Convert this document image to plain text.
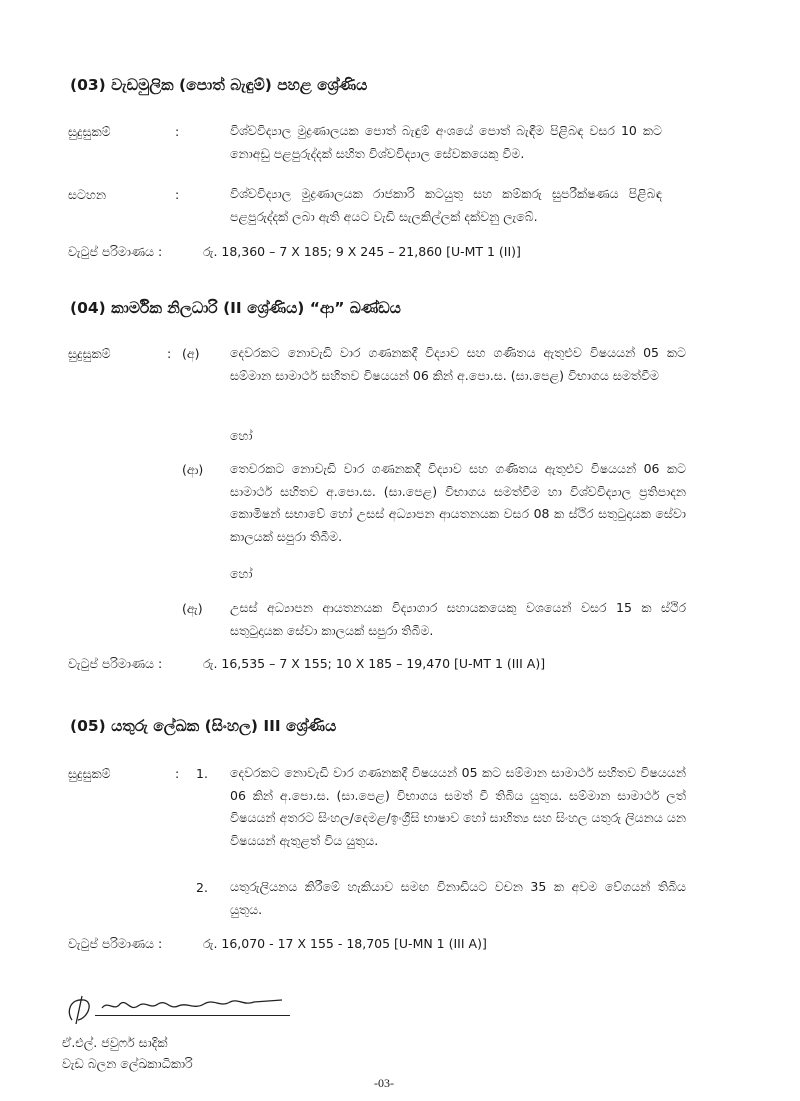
(03) වැඩමුලික (පොත් බැඳුම්) පහළ ශ්‍රේණිය
සුදුසුකම්	:	විශ්වවිද්‍යාල මුද්‍රණාලයක පොත් බැඳුම් අංශයේ පොත් බැඳීම පිළිබඳ වසර 10 කට නොඅඩු පළපුරුද්දක් සහිත විශ්වවිද්‍යාල සේවකයෙකු වීම.
සටහන	:	විශ්වවිද්‍යාල මුද්‍රණාලයක රාජකාරි කටයුතු සහ කම්කරු සුපරීක්ෂණය පිළිබඳ පළපුරුද්දක් ලබා ඇති අයට වැඩි සැලකිල්ලක් දක්වනු ලැබේ.
වැටුප් පරිමාණය :	රු. 18,360 – 7 X 185; 9 X 245 – 21,860 [U-MT 1 (II)]
(04) කාර්මික නිලධාරි (II ශ්‍රේණිය) “ආ” ඛණ්ඩය
සුදුසුකම්	: (අ) දෙවරකට නොවැඩි වාර ගණනකදී විද්‍යාව සහ ගණිතය ඇතුළුව විෂයයන් 05 කට සම්මාන සාමාර්ථ සහිතව විෂයයන් 06 කින් අ.පො.ස. (සා.පෙළ) විභාගය සමත්වීම
හෝ
(ආ) තෙවරකට නොවැඩි වාර ගණනකදී විද්‍යාව සහ ගණිතය ඇතුළුව විෂයයන් 06 කට සාමාර්ථ සහිතව අ.පො.ස. (සා.පෙළ) විභාගය සමත්වීම හා විශ්වවිද්‍යාල ප්‍රතිපාදන කොමිෂන් සභාවේ හෝ උසස් අධ්‍යාපන ආයතනයක වසර 08 ක ස්ථිර සතුටුදායක සේවා කාලයක් සපුරා තිබීම.
හෝ
(ඇ) උසස් අධ්‍යාපන ආයතනයක විද්‍යාගාර සහායකයෙකු වශයෙන් වසර 15 ක ස්ථිර සතුටුදායක සේවා කාලයක් සපුරා තිබීම.
වැටුප් පරිමාණය :	රු. 16,535 – 7 X 155; 10 X 185 – 19,470 [U-MT 1 (III A)]
(05) යතුරු ලේඛක (සිංහල) III ශ්‍රේණිය
සුදුසුකම්	: 1. දෙවරකට නොවැඩි වාර ගණනකදී විෂයයන් 05 කට සම්මාන සාමාර්ථ සහිතව විෂයයන් 06 කින් අ.පො.ස. (සා.පෙළ) විභාගය සමත් වී තිබිය යුතුය. සම්මාන සාමාර්ථ ලත් විෂයයන් අතරට සිංහල/දෙමළ/ඉංග්‍රීසි භාෂාව හෝ සාහිත්‍ය සහ සිංහල යතුරු ලියනය යන විෂයයන් ඇතුළත් විය යුතුය.
2. යතුරුලියනය කිරීමේ හැකියාව සමඟ විනාඩියට වචන 35 ක අවම වේගයන් තිබිය යුතුය.
වැටුප් පරිමාණය :	රු. 16,070 - 17 X 155 - 18,705 [U-MN 1 (III A)]
ඒ.එල්. ජවුෆර් සාදික්
වැඩ බලන ලේඛකාධිකාරි
-03-
